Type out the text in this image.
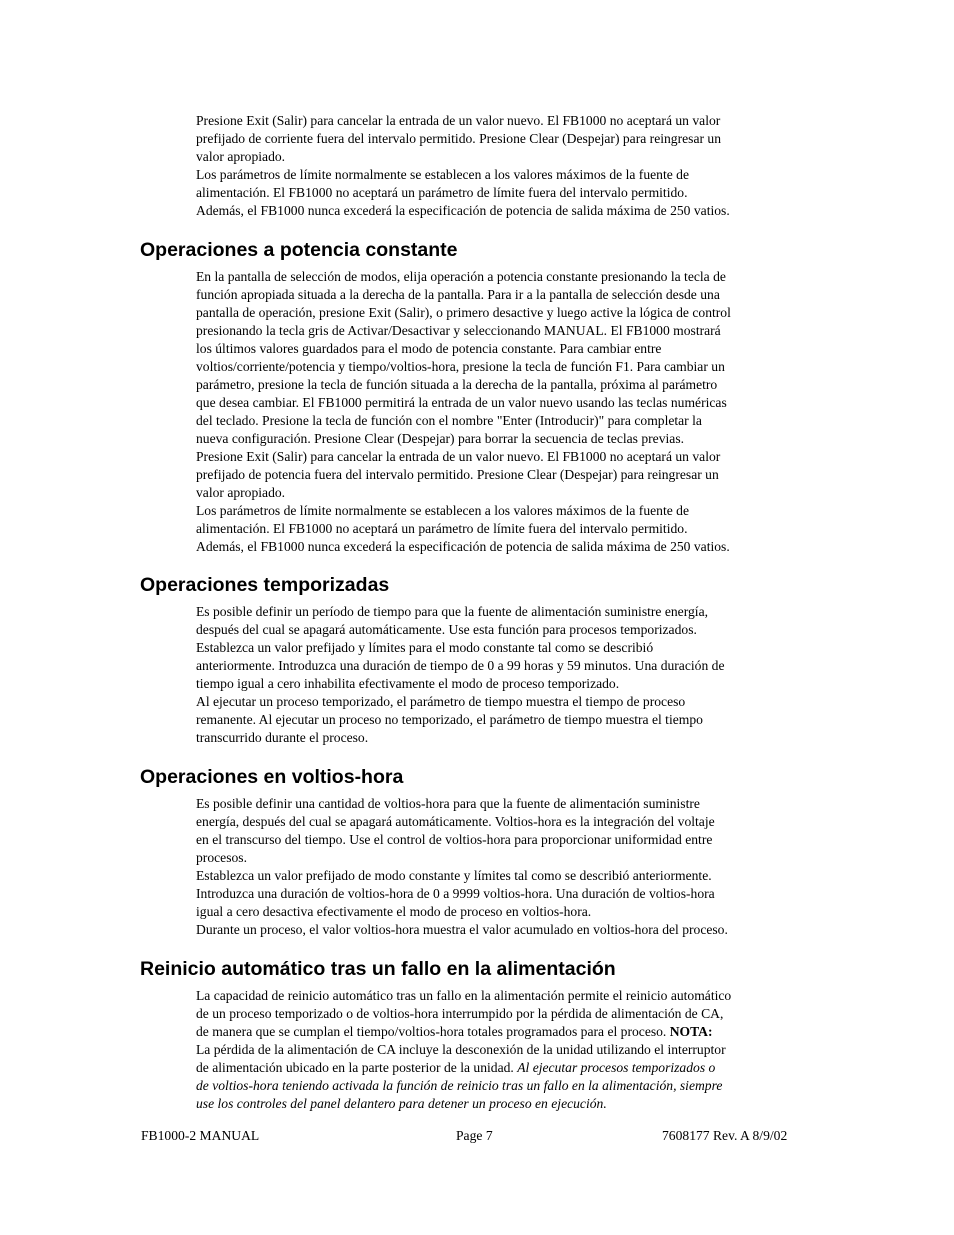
Presione Exit (Salir) para cancelar la entrada de un valor nuevo. El FB1000 no aceptará un valor
prefijado de corriente fuera del intervalo permitido. Presione Clear (Despejar) para reingresar un
valor apropiado.

Los parámetros de límite normalmente se establecen a los valores máximos de la fuente de
alimentación. El FB1000 no aceptará un parámetro de límite fuera del intervalo permitido.
Además, el FB1000 nunca excederá la especificación de potencia de salida máxima de 250 vatios.

Operaciones a potencia constante

En la pantalla de selección de modos, elija operación a potencia constante presionando la tecla de
función apropiada situada a la derecha de la pantalla. Para ir a la pantalla de selección desde una
pantalla de operación, presione Exit (Salir), o primero desactive y luego active la lógica de control
presionando la tecla gris de Activar/Desactivar y seleccionando MANUAL. El FB1000 mostrará
los últimos valores guardados para el modo de potencia constante. Para cambiar entre
voltios/corriente/potencia y tiempo/voltios-hora, presione la tecla de función F1. Para cambiar un
parámetro, presione la tecla de función situada a la derecha de la pantalla, próxima al parámetro
que desea cambiar. El FB1000 permitirá la entrada de un valor nuevo usando las teclas numéricas
del teclado. Presione la tecla de función con el nombre "Enter (Introducir)" para completar la
nueva configuración. Presione Clear (Despejar) para borrar la secuencia de teclas previas.
Presione Exit (Salir) para cancelar la entrada de un valor nuevo. El FB1000 no aceptará un valor
prefijado de potencia fuera del intervalo permitido. Presione Clear (Despejar) para reingresar un
valor apropiado.

Los parámetros de límite normalmente se establecen a los valores máximos de la fuente de
alimentación. El FB1000 no aceptará un parámetro de límite fuera del intervalo permitido.
Además, el FB1000 nunca excederá la especificación de potencia de salida máxima de 250 vatios.

Operaciones temporizadas

Es posible definir un período de tiempo para que la fuente de alimentación suministre energía,
después del cual se apagará automáticamente. Use esta función para procesos temporizados.
Establezca un valor prefijado y límites para el modo constante tal como se describió
anteriormente. Introduzca una duración de tiempo de 0 a 99 horas y 59 minutos. Una duración de
tiempo igual a cero inhabilita efectivamente el modo de proceso temporizado.

Al ejecutar un proceso temporizado, el parámetro de tiempo muestra el tiempo de proceso
remanente. Al ejecutar un proceso no temporizado, el parámetro de tiempo muestra el tiempo
transcurrido durante el proceso.

Operaciones en voltios-hora

Es posible definir una cantidad de voltios-hora para que la fuente de alimentación suministre
energía, después del cual se apagará automáticamente. Voltios-hora es la integración del voltaje
en el transcurso del tiempo. Use el control de voltios-hora para proporcionar uniformidad entre
procesos.

Establezca un valor prefijado de modo constante y límites tal como se describió anteriormente.
Introduzca una duración de voltios-hora de 0 a 9999 voltios-hora. Una duración de voltios-hora
igual a cero desactiva efectivamente el modo de proceso en voltios-hora.

Durante un proceso, el valor voltios-hora muestra el valor acumulado en voltios-hora del proceso.

Reinicio automático tras un fallo en la alimentación

La capacidad de reinicio automático tras un fallo en la alimentación permite el reinicio automático
de un proceso temporizado o de voltios-hora interrumpido por la pérdida de alimentación de CA,
de manera que se cumplan el tiempo/voltios-hora totales programados para el proceso. NOTA:
La pérdida de la alimentación de CA incluye la desconexión de la unidad utilizando el interruptor
de alimentación ubicado en la parte posterior de la unidad. Al ejecutar procesos temporizados o
de voltios-hora teniendo activada la función de reinicio tras un fallo en la alimentación, siempre
use los controles del panel delantero para detener un proceso en ejecución.

FB1000-2 MANUAL	Page 7	7608177 Rev. A 8/9/02
